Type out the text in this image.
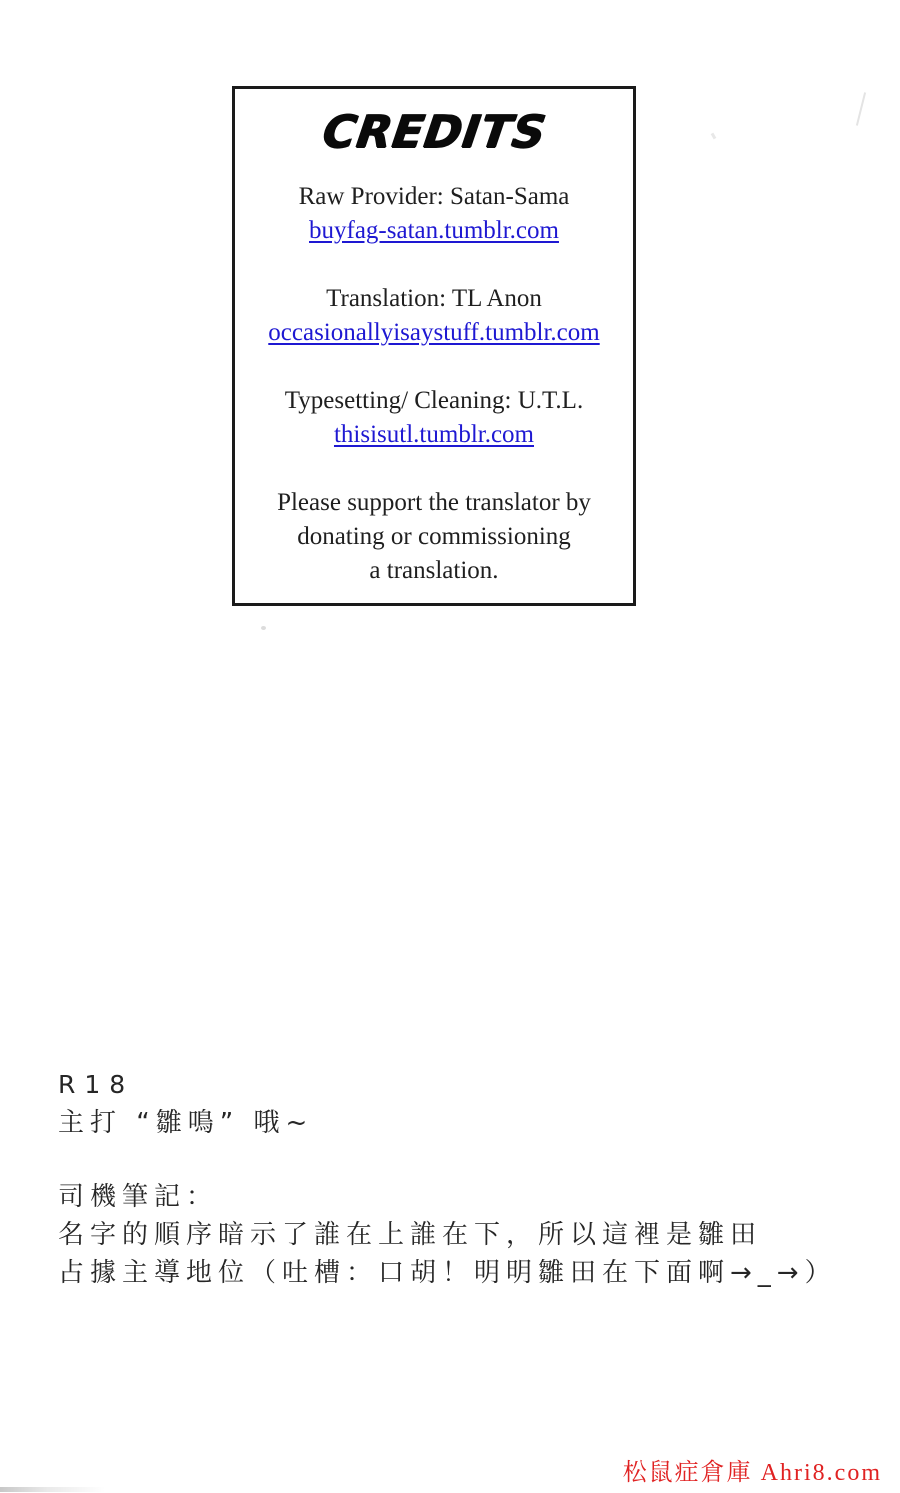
CREDITS
Raw Provider: Satan-Sama
buyfag-satan.tumblr.com
Translation: TL Anon
occasionallyisaystuff.tumblr.com
Typesetting/ Cleaning: U.T.L.
thisisutl.tumblr.com
Please support the translator by
donating or commissioning
a translation.
R18
主打 “雛鳴” 哦~
司機筆記：
名字的順序暗示了誰在上誰在下，所以這裡是雛田
占據主導地位（吐槽：口胡！明明雛田在下面啊→_→）
松鼠症倉庫 Ahri8.com
